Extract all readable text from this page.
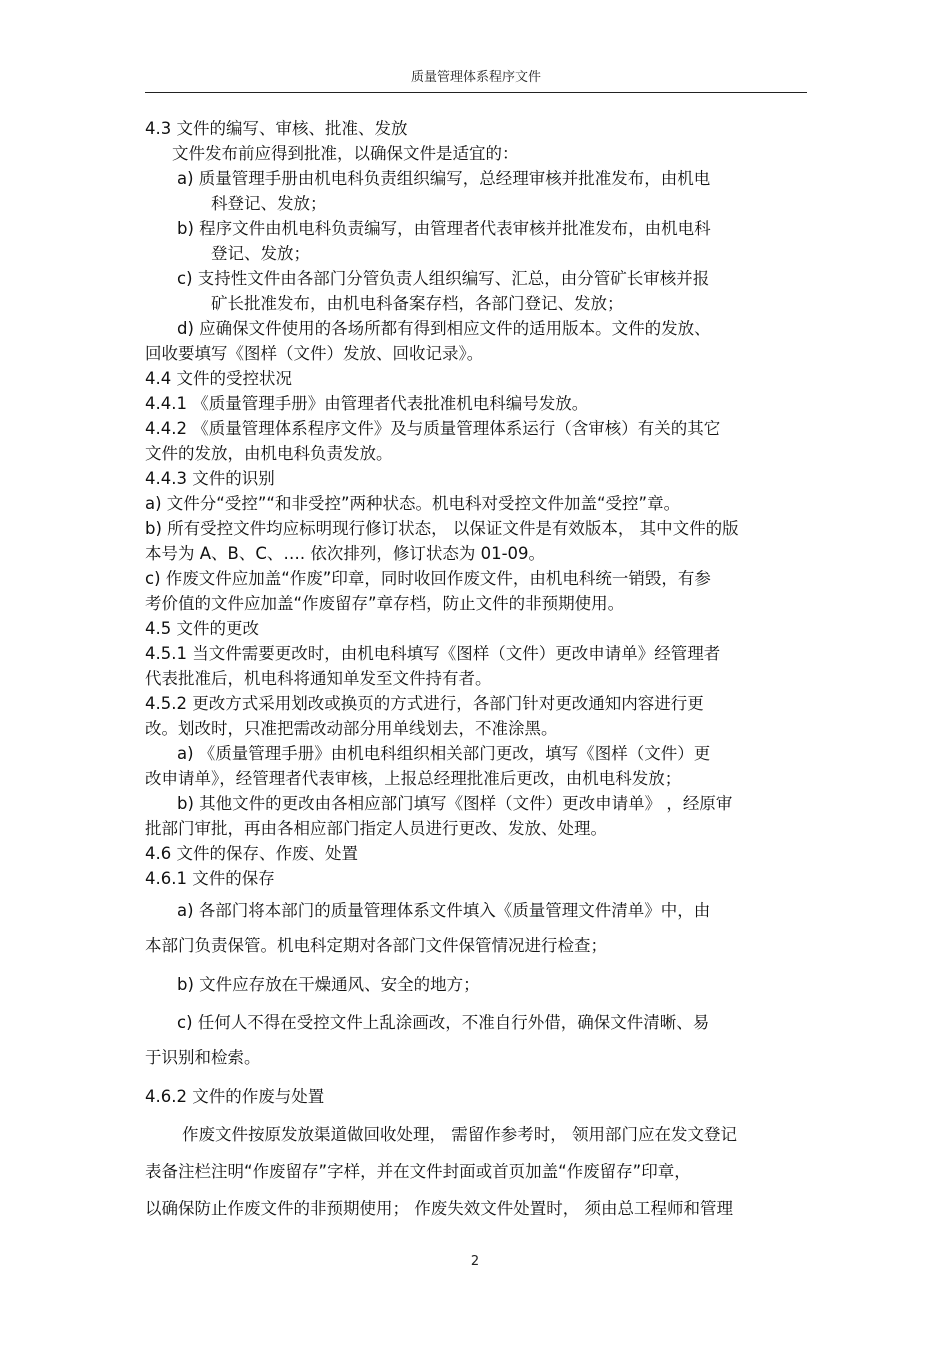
质量管理体系程序文件
4.3 文件的编写、审核、批准、发放
文件发布前应得到批准，以确保文件是适宜的：
a) 质量管理手册由机电科负责组织编写，总经理审核并批准发布，由机电
科登记、发放；
b) 程序文件由机电科负责编写，由管理者代表审核并批准发布，由机电科
登记、发放；
c) 支持性文件由各部门分管负责人组织编写、汇总，由分管矿长审核并报
矿长批准发布，由机电科备案存档，各部门登记、发放；
d) 应确保文件使用的各场所都有得到相应文件的适用版本。文件的发放、
回收要填写《图样（文件）发放、回收记录》。
4.4 文件的受控状况
4.4.1 《质量管理手册》由管理者代表批准机电科编号发放。
4.4.2 《质量管理体系程序文件》及与质量管理体系运行（含审核）有关的其它
文件的发放，由机电科负责发放。
4.4.3 文件的识别
a) 文件分“受控”“和非受控”两种状态。机电科对受控文件加盖“受控”章。
b) 所有受控文件均应标明现行修订状态， 以保证文件是有效版本， 其中文件的版
本号为 A、B、C、…. 依次排列，修订状态为 01-09。
c) 作废文件应加盖“作废”印章，同时收回作废文件，由机电科统一销毁，有参
考价值的文件应加盖“作废留存”章存档，防止文件的非预期使用。
4.5 文件的更改
4.5.1 当文件需要更改时，由机电科填写《图样（文件）更改申请单》经管理者
代表批准后，机电科将通知单发至文件持有者。
4.5.2 更改方式采用划改或换页的方式进行，各部门针对更改通知内容进行更
改。划改时，只准把需改动部分用单线划去，不准涂黑。
a) 《质量管理手册》由机电科组织相关部门更改，填写《图样（文件）更
改申请单》，经管理者代表审核，上报总经理批准后更改，由机电科发放；
b) 其他文件的更改由各相应部门填写《图样（文件）更改申请单》 ，经原审
批部门审批，再由各相应部门指定人员进行更改、发放、处理。
4.6 文件的保存、作废、处置
4.6.1 文件的保存
a) 各部门将本部门的质量管理体系文件填入《质量管理文件清单》中，由
本部门负责保管。机电科定期对各部门文件保管情况进行检查；
b) 文件应存放在干燥通风、安全的地方；
c) 任何人不得在受控文件上乱涂画改，不准自行外借，确保文件清晰、易
于识别和检索。
4.6.2 文件的作废与处置
作废文件按原发放渠道做回收处理， 需留作参考时， 领用部门应在发文登记
表备注栏注明“作废留存”字样，并在文件封面或首页加盖“作废留存”印章，
以确保防止作废文件的非预期使用； 作废失效文件处置时， 须由总工程师和管理
2
